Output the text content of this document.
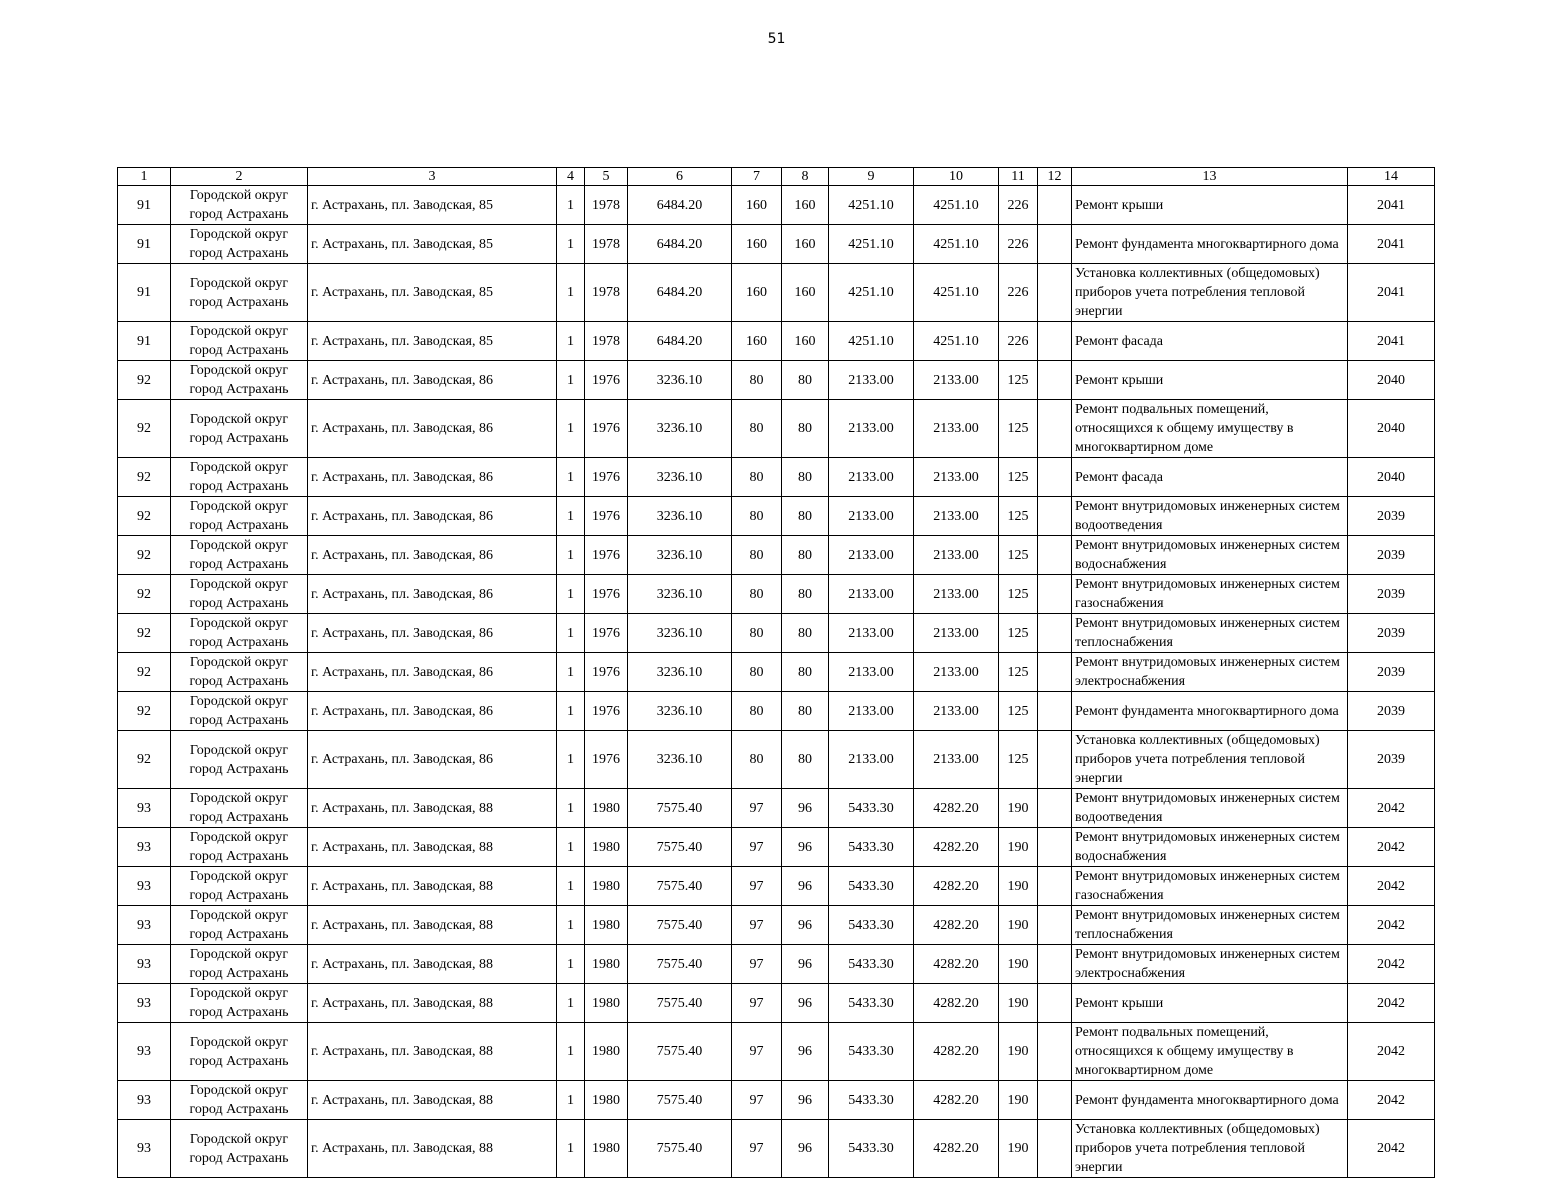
51
1	2	3	4	5	6	7	8	9	10	11	12	13	14
91	Городской округ город Астрахань	г. Астрахань, пл. Заводская, 85	1	1978	6484.20	160	160	4251.10	4251.10	226		Ремонт крыши	2041
91	Городской округ город Астрахань	г. Астрахань, пл. Заводская, 85	1	1978	6484.20	160	160	4251.10	4251.10	226		Ремонт фундамента многоквартирного дома	2041
91	Городской округ город Астрахань	г. Астрахань, пл. Заводская, 85	1	1978	6484.20	160	160	4251.10	4251.10	226		Установка коллективных (общедомовых) приборов учета потребления тепловой энергии	2041
91	Городской округ город Астрахань	г. Астрахань, пл. Заводская, 85	1	1978	6484.20	160	160	4251.10	4251.10	226		Ремонт фасада	2041
92	Городской округ город Астрахань	г. Астрахань, пл. Заводская, 86	1	1976	3236.10	80	80	2133.00	2133.00	125		Ремонт крыши	2040
92	Городской округ город Астрахань	г. Астрахань, пл. Заводская, 86	1	1976	3236.10	80	80	2133.00	2133.00	125		Ремонт подвальных помещений, относящихся к общему имуществу в многоквартирном доме	2040
92	Городской округ город Астрахань	г. Астрахань, пл. Заводская, 86	1	1976	3236.10	80	80	2133.00	2133.00	125		Ремонт фасада	2040
92	Городской округ город Астрахань	г. Астрахань, пл. Заводская, 86	1	1976	3236.10	80	80	2133.00	2133.00	125		Ремонт внутридомовых инженерных систем водоотведения	2039
92	Городской округ город Астрахань	г. Астрахань, пл. Заводская, 86	1	1976	3236.10	80	80	2133.00	2133.00	125		Ремонт внутридомовых инженерных систем водоснабжения	2039
92	Городской округ город Астрахань	г. Астрахань, пл. Заводская, 86	1	1976	3236.10	80	80	2133.00	2133.00	125		Ремонт внутридомовых инженерных систем газоснабжения	2039
92	Городской округ город Астрахань	г. Астрахань, пл. Заводская, 86	1	1976	3236.10	80	80	2133.00	2133.00	125		Ремонт внутридомовых инженерных систем теплоснабжения	2039
92	Городской округ город Астрахань	г. Астрахань, пл. Заводская, 86	1	1976	3236.10	80	80	2133.00	2133.00	125		Ремонт внутридомовых инженерных систем электроснабжения	2039
92	Городской округ город Астрахань	г. Астрахань, пл. Заводская, 86	1	1976	3236.10	80	80	2133.00	2133.00	125		Ремонт фундамента многоквартирного дома	2039
92	Городской округ город Астрахань	г. Астрахань, пл. Заводская, 86	1	1976	3236.10	80	80	2133.00	2133.00	125		Установка коллективных (общедомовых) приборов учета потребления тепловой энергии	2039
93	Городской округ город Астрахань	г. Астрахань, пл. Заводская, 88	1	1980	7575.40	97	96	5433.30	4282.20	190		Ремонт внутридомовых инженерных систем водоотведения	2042
93	Городской округ город Астрахань	г. Астрахань, пл. Заводская, 88	1	1980	7575.40	97	96	5433.30	4282.20	190		Ремонт внутридомовых инженерных систем водоснабжения	2042
93	Городской округ город Астрахань	г. Астрахань, пл. Заводская, 88	1	1980	7575.40	97	96	5433.30	4282.20	190		Ремонт внутридомовых инженерных систем газоснабжения	2042
93	Городской округ город Астрахань	г. Астрахань, пл. Заводская, 88	1	1980	7575.40	97	96	5433.30	4282.20	190		Ремонт внутридомовых инженерных систем теплоснабжения	2042
93	Городской округ город Астрахань	г. Астрахань, пл. Заводская, 88	1	1980	7575.40	97	96	5433.30	4282.20	190		Ремонт внутридомовых инженерных систем электроснабжения	2042
93	Городской округ город Астрахань	г. Астрахань, пл. Заводская, 88	1	1980	7575.40	97	96	5433.30	4282.20	190		Ремонт крыши	2042
93	Городской округ город Астрахань	г. Астрахань, пл. Заводская, 88	1	1980	7575.40	97	96	5433.30	4282.20	190		Ремонт подвальных помещений, относящихся к общему имуществу в многоквартирном доме	2042
93	Городской округ город Астрахань	г. Астрахань, пл. Заводская, 88	1	1980	7575.40	97	96	5433.30	4282.20	190		Ремонт фундамента многоквартирного дома	2042
93	Городской округ город Астрахань	г. Астрахань, пл. Заводская, 88	1	1980	7575.40	97	96	5433.30	4282.20	190		Установка коллективных (общедомовых) приборов учета потребления тепловой энергии	2042
